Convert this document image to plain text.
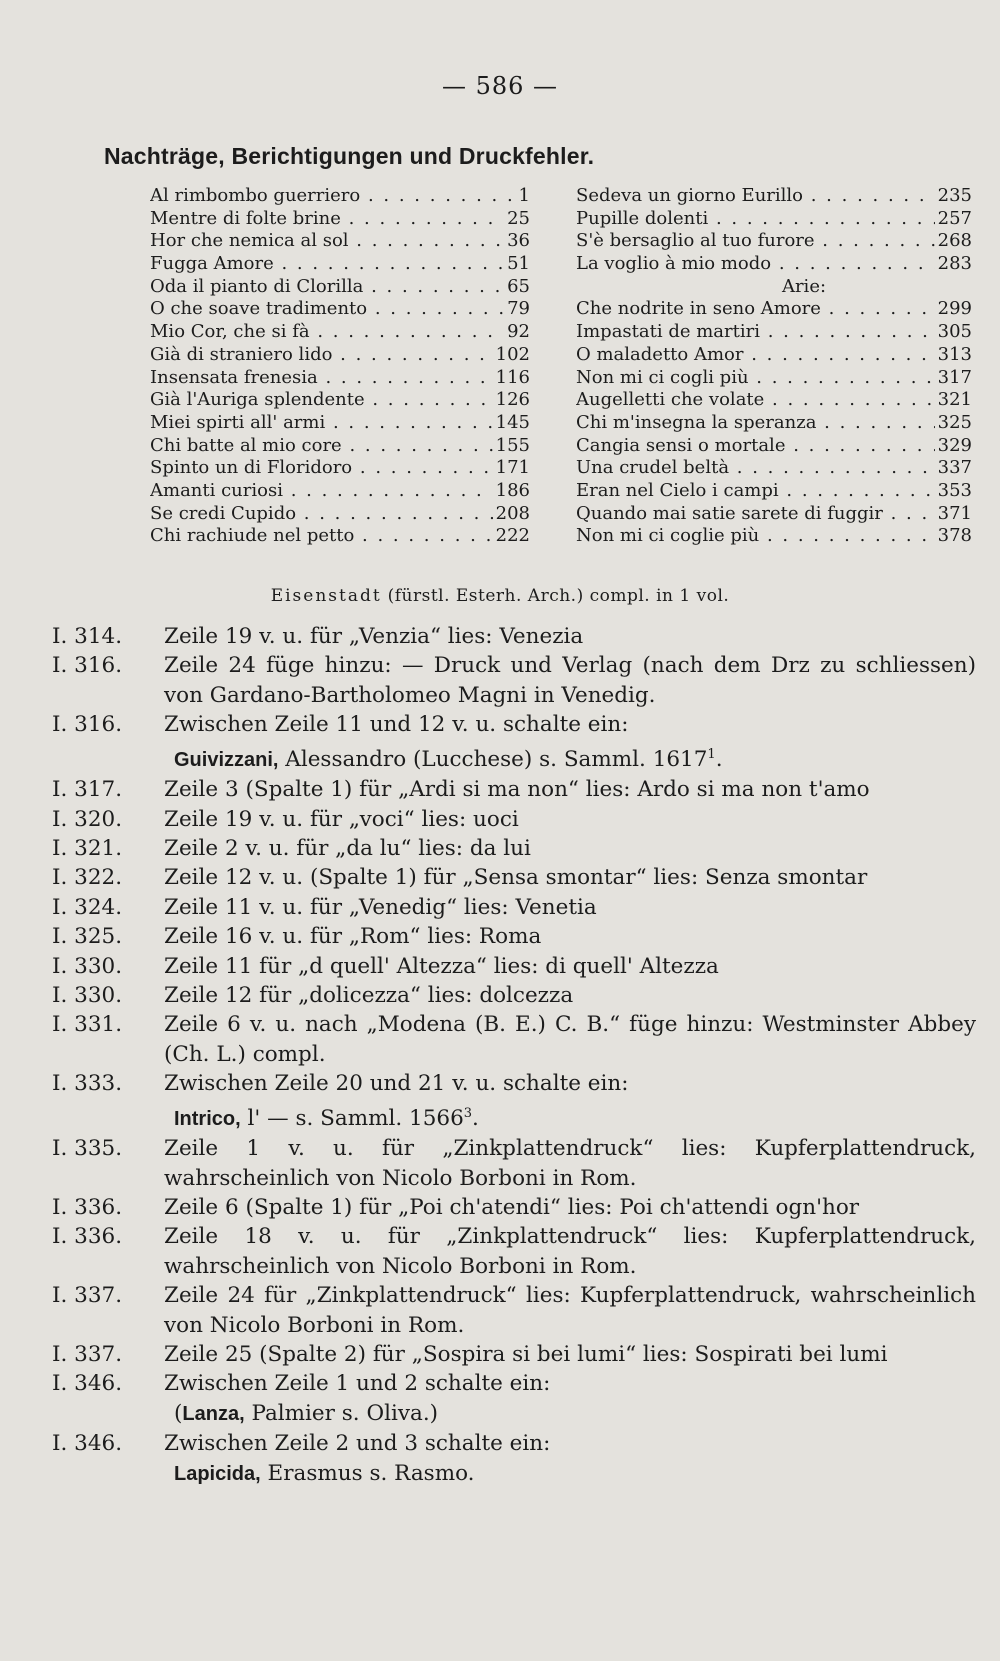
— 586 —
Nachträge, Berichtigungen und Druckfehler.
Al rimbombo guerriero . . .	1
Mentre di folte brine . . .	25
Hor che nemica al sol . . .	36
Fugga Amore . . .	51
Oda il pianto di Clorilla . . .	65
O che soave tradimento . . .	79
Mio Cor, che si fà . . .	92
Già di straniero lido . . .	102
Insensata frenesia . . .	116
Già l'Auriga splendente . . .	126
Miei spirti all' armi . . .	145
Chi batte al mio core . . .	155
Spinto un di Floridoro . . .	171
Amanti curiosi . . .	186
Se credi Cupido . . .	208
Chi rachiude nel petto . . .	222
Sedeva un giorno Eurillo . . .	235
Pupille dolenti . . .	257
S'è bersaglio al tuo furore . . .	268
La voglio à mio modo . . .	283
Arie:
Che nodrite in seno Amore . . .	299
Impastati de martiri . . .	305
O maladetto Amor . . .	313
Non mi ci cogli più . . .	317
Augelletti che volate . . .	321
Chi m'insegna la speranza . . .	325
Cangia sensi o mortale . . .	329
Una crudel beltà . . .	337
Eran nel Cielo i campi . . .	353
Quando mai satie sarete di fuggir . . .	371
Non mi ci coglie più . . .	378
Eisenstadt (fürstl. Esterh. Arch.) compl. in 1 vol.
I. 314.	Zeile 19 v. u. für „Venzia“ lies: Venezia
I. 316.	Zeile 24 füge hinzu: — Druck und Verlag (nach dem Drz zu schliessen) von Gardano-Bartholomeo Magni in Venedig.
I. 316.	Zwischen Zeile 11 und 12 v. u. schalte ein:
Guivizzani, Alessandro (Lucchese) s. Samml. 1617$^1$.
I. 317.	Zeile 3 (Spalte 1) für „Ardi si ma non“ lies: Ardo si ma non t'amo
I. 320.	Zeile 19 v. u. für „voci“ lies: uoci
I. 321.	Zeile 2 v. u. für „da lu“ lies: da lui
I. 322.	Zeile 12 v. u. (Spalte 1) für „Sensa smontar“ lies: Senza smontar
I. 324.	Zeile 11 v. u. für „Venedig“ lies: Venetia
I. 325.	Zeile 16 v. u. für „Rom“ lies: Roma
I. 330.	Zeile 11 für „d quell' Altezza“ lies: di quell' Altezza
I. 330.	Zeile 12 für „dolicezza“ lies: dolcezza
I. 331.	Zeile 6 v. u. nach „Modena (B. E.) C. B.“ füge hinzu: Westminster Abbey (Ch. L.) compl.
I. 333.	Zwischen Zeile 20 und 21 v. u. schalte ein:
Intrico, l' — s. Samml. 1566$^3$.
I. 335.	Zeile 1 v. u. für „Zinkplattendruck“ lies: Kupferplattendruck, wahrscheinlich von Nicolo Borboni in Rom.
I. 336.	Zeile 6 (Spalte 1) für „Poi ch'atendi“ lies: Poi ch'attendi ogn'hor
I. 336.	Zeile 18 v. u. für „Zinkplattendruck“ lies: Kupferplattendruck, wahrscheinlich von Nicolo Borboni in Rom.
I. 337.	Zeile 24 für „Zinkplattendruck“ lies: Kupferplattendruck, wahrscheinlich von Nicolo Borboni in Rom.
I. 337.	Zeile 25 (Spalte 2) für „Sospira si bei lumi“ lies: Sospirati bei lumi
I. 346.	Zwischen Zeile 1 und 2 schalte ein:
(Lanza, Palmier s. Oliva.)
I. 346.	Zwischen Zeile 2 und 3 schalte ein:
Lapicida, Erasmus s. Rasmo.
